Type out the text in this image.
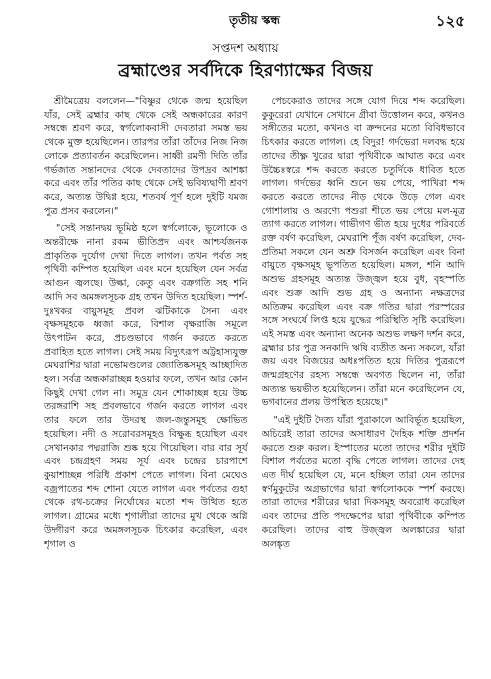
তৃতীয় স্কন্ধ	১২৫
সপ্তদশ অধ্যায়
ব্রহ্মাণ্ডের সর্বদিকে হিরণ্যাক্ষের বিজয়

শ্রীমৈত্রেয় বললেন—"বিষ্ণুর থেকে জন্ম হয়েছিল যাঁর, সেই ব্রহ্মার কাছ থেকে সেই অন্ধকারের কারণ সম্বন্ধে শ্রবণ করে, স্বর্গলোকবাসী দেবতারা সমস্ত ভয় থেকে মুক্ত হয়েছিলেন। তারপর তাঁরা তাঁদের নিজ নিজ লোকে প্রত্যাবর্তন করেছিলেন। সাধ্বী রমণী দিতি তাঁর গর্ভজাত সন্তানদের থেকে দেবতাদের উপদ্রব আশঙ্কা করে এবং তাঁর পতির কাছ থেকে সেই ভবিষ্যদ্বাণী শ্রবণ করে, অত্যন্ত উদ্বিগ্ন হয়ে, শতবর্ষ পূর্ণ হলে দুইটি যমজ পুত্র প্রসব করলেন।"

"সেই সন্তানদ্বয় ভূমিষ্ঠ হলে স্বর্গলোকে, ভূলোকে ও অন্তরীক্ষে নানা রকম ভীতিপ্রদ এবং আশ্চর্যজনক প্রাকৃতিক দুর্যোগ দেখা দিতে লাগল। তখন পর্বত সহ পৃথিবী কম্পিত হয়েছিল এবং মনে হয়েছিল যেন সর্বত্র আগুন জ্বলছে। উল্কা, কেতু এবং বক্রগতি সহ শনি আদি সব অমঙ্গলসূচক গ্রহ তখন উদিত হয়েছিল। স্পর্শ-দুঃখকর বায়ুসমূহ প্রবল ঝটিকাকে সৈন্য এবং বৃক্ষসমূহকে ধ্বজা করে, বিশাল বৃক্ষরাজি সমূলে উৎপাটন করে, প্রচণ্ডভাবে গর্জন করতে করতে প্রবাহিত হতে লাগল। সেই সময় বিদ্যুৎরূপ অট্টহাস্যযুক্ত মেঘরাশির দ্বারা নভোমণ্ডলের জ্যোতিষ্কসমূহ আচ্ছাদিত হল। সর্বত্র অন্ধকারাচ্ছন্ন হওয়ার ফলে, তখন আর কোন কিছুই দেখা গেল না। সমুদ্র যেন শোকাচ্ছন্ন হয়ে উচ্চ তরঙ্গরাশি সহ প্রবলভাবে গর্জন করতে লাগল এবং তার ফলে তার উদরস্থ জল-জন্তুসমূহ ক্ষোভিত হয়েছিল। নদী ও সরোবরসমূহও বিক্ষুব্ধ হয়েছিল এবং সেখানকার পদ্মরাজি শুষ্ক হয়ে গিয়েছিল। বার বার সূর্য এবং চন্দ্রগ্রহণ সময় সূর্য এবং চন্দ্রের চারপাশে কুয়াশাচ্ছন্ন পরিধি প্রকাশ পেতে লাগল। বিনা মেঘেও বজ্রপাতের শব্দ শোনা যেতে লাগল এবং পর্বতের গুহা থেকে রথ-চক্রের নির্ঘোষের মতো শব্দ উত্থিত হতে লাগল। গ্রামের মধ্যে শৃগালীরা তাদের মুখ থেকে অগ্নি উদ্গীরণ করে অমঙ্গলসূচক চিৎকার করেছিল, এবং শৃগাল ও

পেচকেরাও তাদের সঙ্গে যোগ দিয়ে শব্দ করেছিল। কুকুরেরা যেখানে সেখানে গ্রীবা উত্তোলন করে, কখনও সঙ্গীতের মতো, কখনও বা ক্রন্দনের মতো বিবিধভাবে চিৎকার করতে লাগল। হে বিদুর! গর্দভেরা দলবদ্ধ হয়ে তাদের তীক্ষ্ণ খুরের দ্বারা পৃথিবীকে আঘাত করে এবং উচ্চৈঃস্বরে শব্দ করতে করতে চতুর্দিকে ধাবিত হতে লাগল। গর্দভের ধ্বনি শুনে ভয় পেয়ে, পাখিরা শব্দ করতে করতে তাদের নীড় থেকে উড়ে গেল এবং গোশালায় ও অরণ্যে পশুরা শীতে ভয় পেয়ে মল-মূত্র ত্যাগ করতে লাগল। গাভীগণ ভীত হয়ে দুধের পরিবর্তে রক্ত বর্ষণ করেছিল, মেঘরাশি পূঁজ বর্ষণ করেছিল, দেব-প্রতিমা সকলে যেন অশ্রু বিসর্জন করেছিল এবং বিনা বায়ুতে বৃক্ষসমূহ ভূপতিত হয়েছিল। মঙ্গল, শনি আদি অশুভ গ্রহসমূহ অত্যন্ত উজ্জ্বল হয়ে বুধ, বৃহস্পতি এবং শুক্র আদি শুভ গ্রহ ও অন্যান্য নক্ষত্রদের অতিক্রম করেছিল এবং বক্র গতির দ্বারা পরস্পরের সঙ্গে সংঘর্ষে লিপ্ত হয়ে যুদ্ধের পরিস্থিতি সৃষ্টি করেছিল। এই সমস্ত এবং অন্যান্য অনেক অশুভ লক্ষণ দর্শন করে, ব্রহ্মার চার পুত্র সনকাদি ঋষি ব্যতীত অন্য সকলে, যাঁরা জয় এবং বিজয়ের অধঃপতিত হয়ে দিতির পুত্ররূপে জন্মগ্রহণের রহস্য সম্বন্ধে অবগত ছিলেন না, তাঁরা অত্যন্ত ভয়ভীত হয়েছিলেন। তাঁরা মনে করেছিলেন যে, ভগবানের প্রলয় উপস্থিত হয়েছে।"

"এই দুইটি দৈত্য যাঁরা পুরাকালে আবির্ভূত হয়েছিল, অচিরেই তারা তাদের অসাধারণ দৈহিক শক্তি প্রদর্শন করতে শুরু করল। ইস্পাতের মতো তাদের শরীর দুইটি বিশাল পর্বতের মতো বৃদ্ধি পেতে লাগল। তাদের দেহ এত দীর্ঘ হয়েছিল যে, মনে হচ্ছিল তারা যেন তাদের স্বর্ণমুকুটের অগ্রভাগের দ্বারা স্বর্গলোককে স্পর্শ করছে। তারা তাদের শরীরের দ্বারা দিকসমূহ অবরোধ করেছিল এবং তাদের প্রতি পদক্ষেপের দ্বারা পৃথিবীকে কম্পিত করেছিল। তাদের বাহু উজ্জ্বল অলঙ্কারের দ্বারা অলঙ্কৃত
